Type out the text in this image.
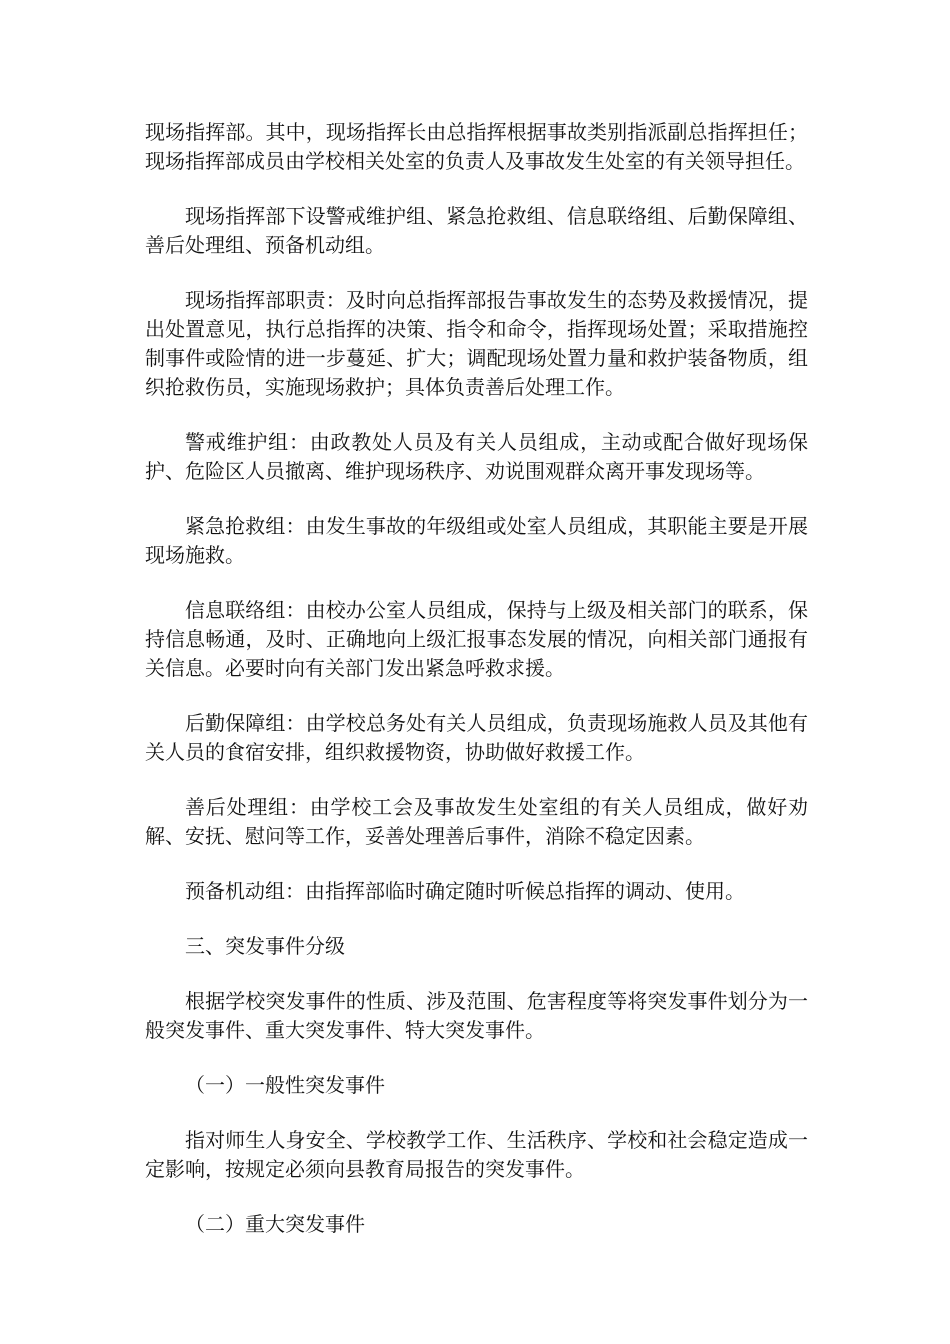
现场指挥部。其中，现场指挥长由总指挥根据事故类别指派副总指挥担任；现场指挥部成员由学校相关处室的负责人及事故发生处室的有关领导担任。

现场指挥部下设警戒维护组、紧急抢救组、信息联络组、后勤保障组、善后处理组、预备机动组。

现场指挥部职责：及时向总指挥部报告事故发生的态势及救援情况，提出处置意见，执行总指挥的决策、指令和命令，指挥现场处置；采取措施控制事件或险情的进一步蔓延、扩大；调配现场处置力量和救护装备物质，组织抢救伤员，实施现场救护；具体负责善后处理工作。

警戒维护组：由政教处人员及有关人员组成，主动或配合做好现场保护、危险区人员撤离、维护现场秩序、劝说围观群众离开事发现场等。

紧急抢救组：由发生事故的年级组或处室人员组成，其职能主要是开展现场施救。

信息联络组：由校办公室人员组成，保持与上级及相关部门的联系，保持信息畅通，及时、正确地向上级汇报事态发展的情况，向相关部门通报有关信息。必要时向有关部门发出紧急呼救求援。

后勤保障组：由学校总务处有关人员组成，负责现场施救人员及其他有关人员的食宿安排，组织救援物资，协助做好救援工作。

善后处理组：由学校工会及事故发生处室组的有关人员组成，做好劝解、安抚、慰问等工作，妥善处理善后事件，消除不稳定因素。

预备机动组：由指挥部临时确定随时听候总指挥的调动、使用。

三、突发事件分级

根据学校突发事件的性质、涉及范围、危害程度等将突发事件划分为一般突发事件、重大突发事件、特大突发事件。

（一）一般性突发事件

指对师生人身安全、学校教学工作、生活秩序、学校和社会稳定造成一定影响，按规定必须向县教育局报告的突发事件。

（二）重大突发事件
